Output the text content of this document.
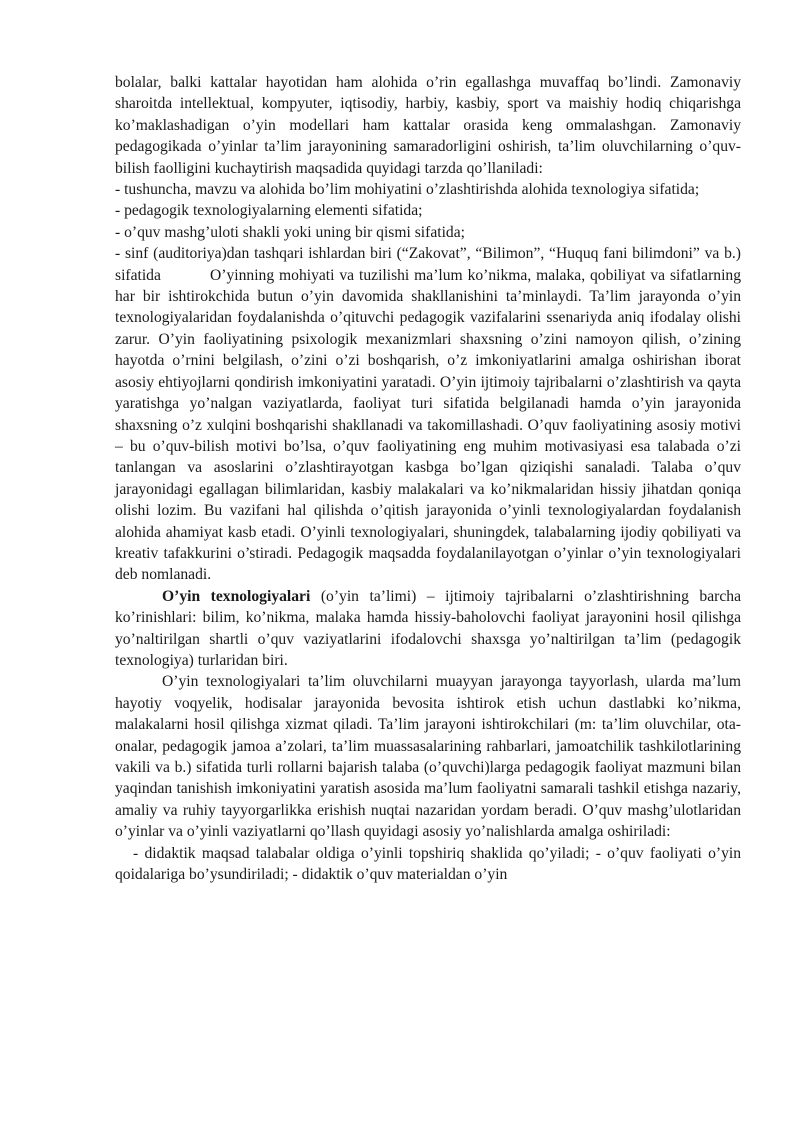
bolalar, balki kattalar hayotidan ham alohida o’rin egallashga muvaffaq bo’lindi. Zamonaviy sharoitda intellektual, kompyuter, iqtisodiy, harbiy, kasbiy, sport va maishiy hodiq chiqarishga ko’maklashadigan o’yin modellari ham kattalar orasida keng ommalashgan. Zamonaviy pedagogikada o’yinlar ta’lim jarayonining samaradorligini oshirish, ta’lim oluvchilarning o’quv-bilish faolligini kuchaytirish maqsadida quyidagi tarzda qo’llaniladi:

- tushuncha, mavzu va alohida bo’lim mohiyatini o’zlashtirishda alohida texnologiya sifatida;

- pedagogik texnologiyalarning elementi sifatida;

- o’quv mashg’uloti shakli yoki uning bir qismi sifatida;

- sinf (auditoriya)dan tashqari ishlardan biri (“Zakovat”, “Bilimon”, “Huquq fani bilimdoni” va b.) sifatida          O’yinning mohiyati va tuzilishi ma’lum ko’nikma, malaka, qobiliyat va sifatlarning har bir ishtirokchida butun o’yin davomida shakllanishini ta’minlaydi. Ta’lim jarayonda o’yin texnologiyalaridan foydalanishda o’qituvchi pedagogik vazifalarini ssenariyda aniq ifodalay olishi zarur. O’yin faoliyatining psixologik mexanizmlari shaxsning o’zini namoyon qilish, o’zining hayotda o’rnini belgilash, o’zini o’zi boshqarish, o’z imkoniyatlarini amalga oshirishan iborat asosiy ehtiyojlarni qondirish imkoniyatini yaratadi. O’yin ijtimoiy tajribalarni o’zlashtirish va qayta yaratishga yo’nalgan vaziyatlarda, faoliyat turi sifatida belgilanadi hamda o’yin jarayonida shaxsning o’z xulqini boshqarishi shakllanadi va takomillashadi. O’quv faoliyatining asosiy motivi – bu o’quv-bilish motivi bo’lsa, o’quv faoliyatining eng muhim motivasiyasi esa talabada o’zi tanlangan va asoslarini o’zlashtirayotgan kasbga bo’lgan qiziqishi sanaladi. Talaba o’quv jarayonidagi egallagan bilimlaridan, kasbiy malakalari va ko’nikmalaridan hissiy jihatdan qoniqa olishi lozim. Bu vazifani hal qilishda o’qitish jarayonida o’yinli texnologiyalardan foydalanish alohida ahamiyat kasb etadi. O’yinli texnologiyalari, shuningdek, talabalarning ijodiy qobiliyati va kreativ tafakkurini o’stiradi. Pedagogik maqsadda foydalanilayotgan o’yinlar o’yin texnologiyalari deb nomlanadi.

O’yin texnologiyalari (o’yin ta’limi) – ijtimoiy tajribalarni o’zlashtirishning barcha ko’rinishlari: bilim, ko’nikma, malaka hamda hissiy-baholovchi faoliyat jarayonini hosil qilishga yo’naltirilgan shartli o’quv vaziyatlarini ifodalovchi shaxsga yo’naltirilgan ta’lim (pedagogik texnologiya) turlaridan biri.

O’yin texnologiyalari ta’lim oluvchilarni muayyan jarayonga tayyorlash, ularda ma’lum hayotiy voqyelik, hodisalar jarayonida bevosita ishtirok etish uchun dastlabki ko’nikma, malakalarni hosil qilishga xizmat qiladi. Ta’lim jarayoni ishtirokchilari (m: ta’lim oluvchilar, ota-onalar, pedagogik jamoa a’zolari, ta’lim muassasalarining rahbarlari, jamoatchilik tashkilotlarining vakili va b.) sifatida turli rollarni bajarish talaba (o’quvchi)larga pedagogik faoliyat mazmuni bilan yaqindan tanishish imkoniyatini yaratish asosida ma’lum faoliyatni samarali tashkil etishga nazariy, amaliy va ruhiy tayyorgarlikka erishish nuqtai nazaridan yordam beradi. O’quv mashg’ulotlaridan o’yinlar va o’yinli vaziyatlarni qo’llash quyidagi asosiy yo’nalishlarda amalga oshiriladi:

- didaktik maqsad talabalar oldiga o’yinli topshiriq shaklida qo’yiladi; - o’quv faoliyati o’yin qoidalariga bo’ysundiriladi; - didaktik o’quv materialdan o’yin
